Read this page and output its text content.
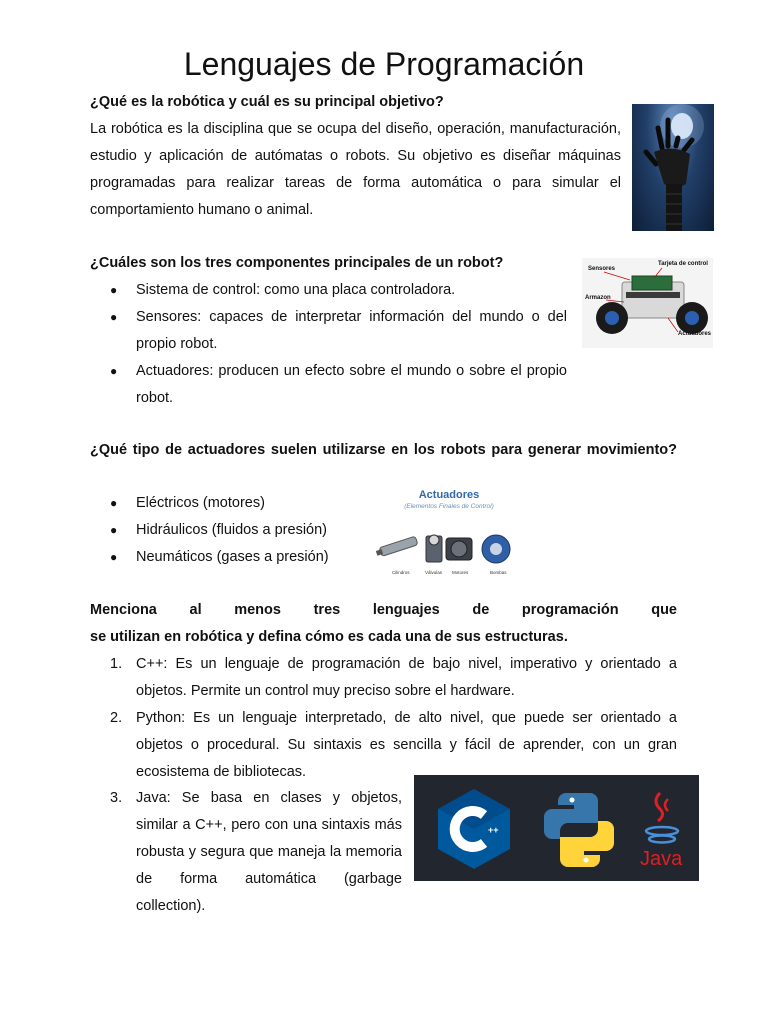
Lenguajes de Programación

¿Qué es la robótica y cuál es su principal objetivo?

La robótica es la disciplina que se ocupa del diseño, operación, manufacturación, estudio y aplicación de autómatas o robots. Su objetivo es diseñar máquinas programadas para realizar tareas de forma automática o para simular el comportamiento humano o animal.

¿Cuáles son los tres componentes principales de un robot?

● Sistema de control: como una placa controladora.
● Sensores: capaces de interpretar información del mundo o del propio robot.
● Actuadores: producen un efecto sobre el mundo o sobre el propio robot.
Sensores
Tarjeta de control
Armazon
Actuadores

¿Qué tipo de actuadores suelen utilizarse en los robots para generar movimiento?

● Eléctricos (motores)
● Hidráulicos (fluidos a presión)
● Neumáticos (gases a presión)
Actuadores
(Elementos Finales de Control)
Cilindros	Válvulas Motores	Bombas

Menciona al menos tres lenguajes de programación que

se utilizan en robótica y defina cómo es cada una de sus estructuras.

1. C++: Es un lenguaje de programación de bajo nivel, imperativo y orientado a objetos. Permite un control muy preciso sobre el hardware.
2. Python: Es un lenguaje interpretado, de alto nivel, que puede ser orientado a objetos o procedural. Su sintaxis es sencilla y fácil de aprender, con un gran ecosistema de bibliotecas.
3. Java: Se basa en clases y objetos, similar a C++, pero con una sintaxis más robusta y segura que maneja la memoria de forma automática (garbage collection).
++
Java
